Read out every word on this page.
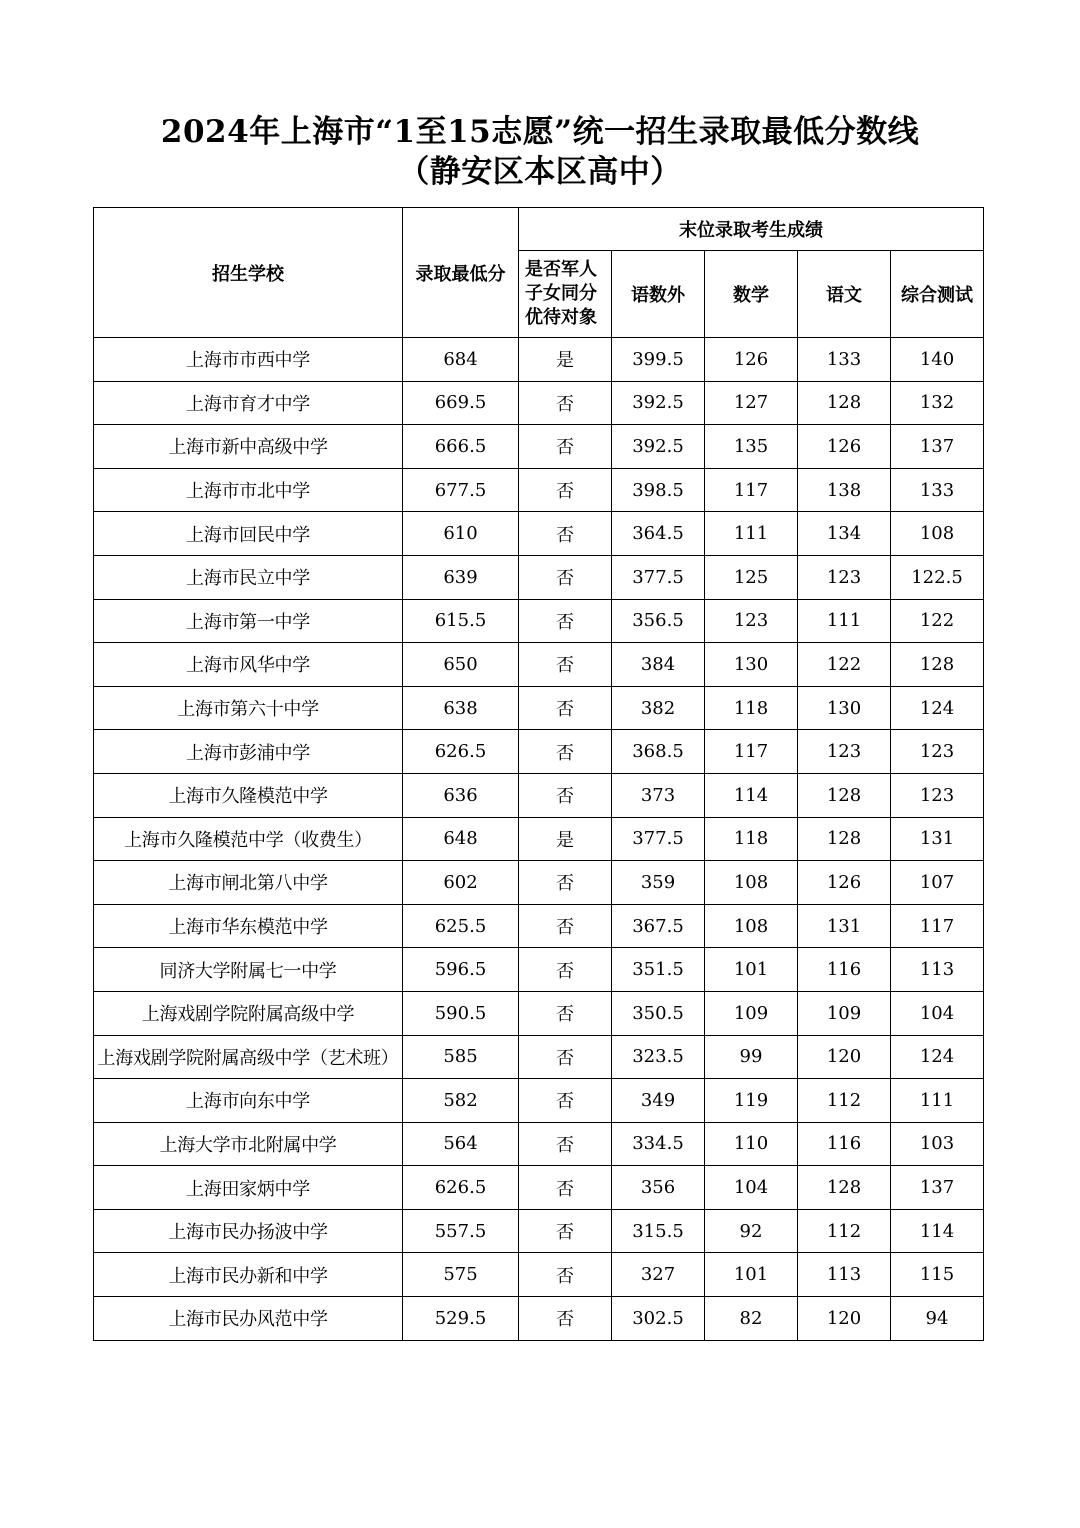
2024年上海市“1至15志愿”统一招生录取最低分数线
（静安区本区高中）
招生学校	录取最低分	末位录取考生成绩				
		是否军人子女同分优待对象	语数外	数学	语文	综合测试
上海市市西中学	684	是	399.5	126	133	140
上海市育才中学	669.5	否	392.5	127	128	132
上海市新中高级中学	666.5	否	392.5	135	126	137
上海市市北中学	677.5	否	398.5	117	138	133
上海市回民中学	610	否	364.5	111	134	108
上海市民立中学	639	否	377.5	125	123	122.5
上海市第一中学	615.5	否	356.5	123	111	122
上海市风华中学	650	否	384	130	122	128
上海市第六十中学	638	否	382	118	130	124
上海市彭浦中学	626.5	否	368.5	117	123	123
上海市久隆模范中学	636	否	373	114	128	123
上海市久隆模范中学（收费生）	648	是	377.5	118	128	131
上海市闸北第八中学	602	否	359	108	126	107
上海市华东模范中学	625.5	否	367.5	108	131	117
同济大学附属七一中学	596.5	否	351.5	101	116	113
上海戏剧学院附属高级中学	590.5	否	350.5	109	109	104
上海戏剧学院附属高级中学（艺术班）	585	否	323.5	99	120	124
上海市向东中学	582	否	349	119	112	111
上海大学市北附属中学	564	否	334.5	110	116	103
上海田家炳中学	626.5	否	356	104	128	137
上海市民办扬波中学	557.5	否	315.5	92	112	114
上海市民办新和中学	575	否	327	101	113	115
上海市民办风范中学	529.5	否	302.5	82	120	94
